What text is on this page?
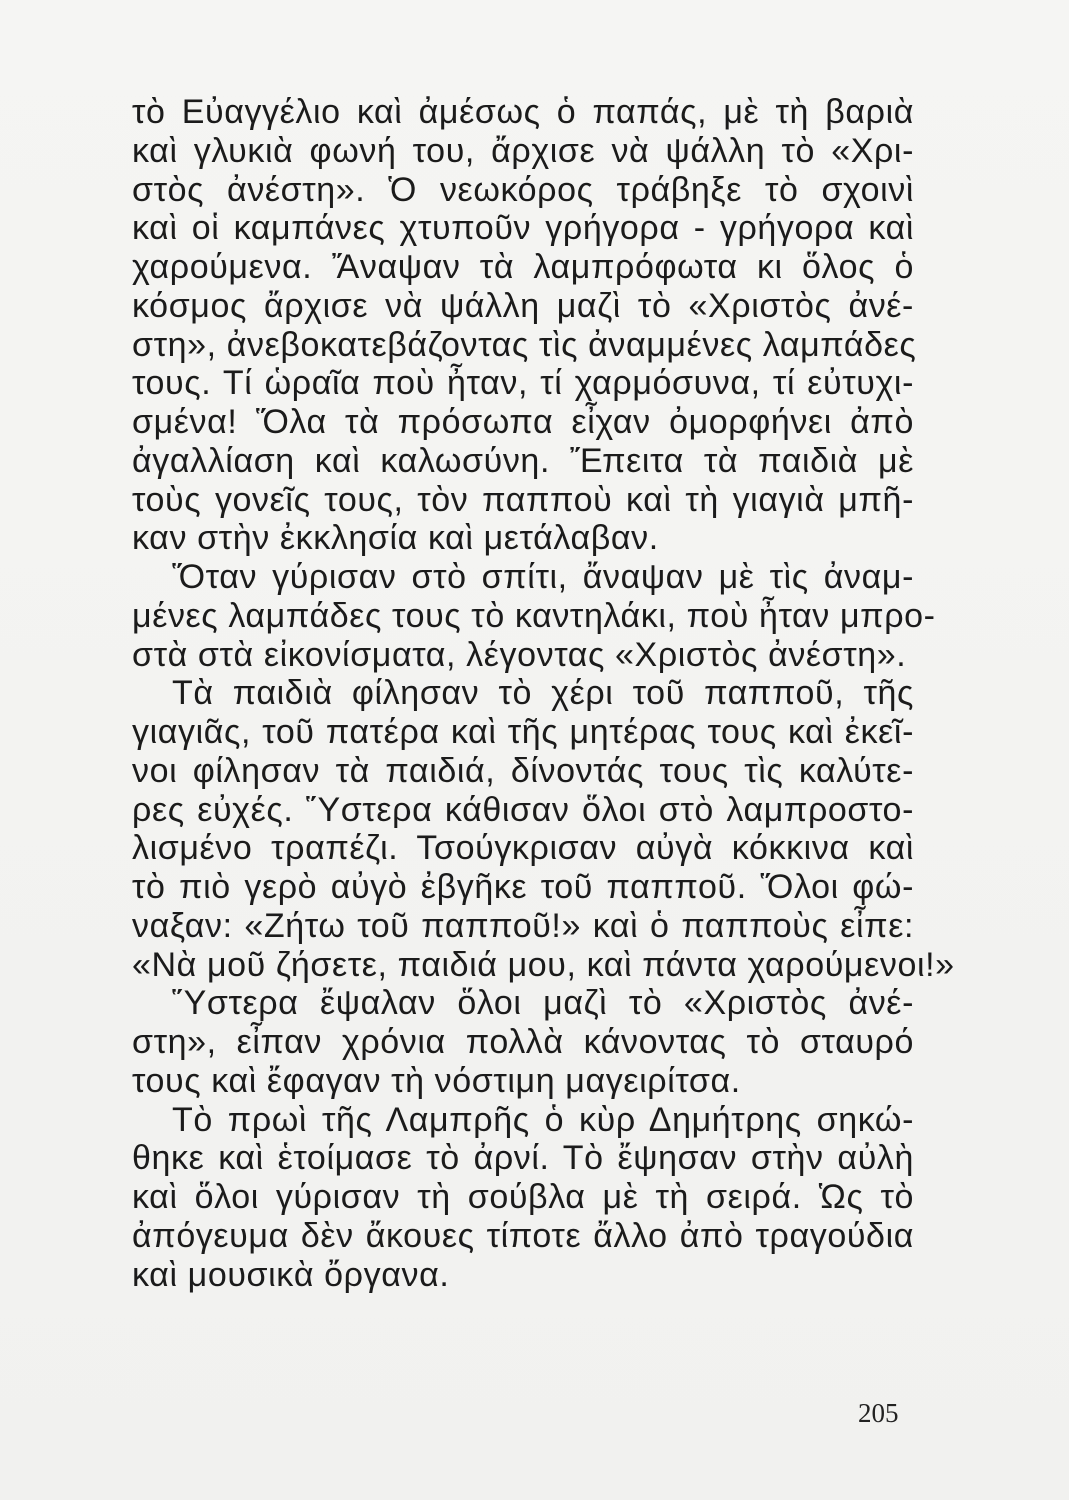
τὸ Εὐαγγέλιο καὶ ἀμέσως ὁ παπάς, μὲ τὴ βαριὰ
καὶ γλυκιὰ φωνή του, ἄρχισε νὰ ψάλλη τὸ «Χρι-
στὸς ἀνέστη». Ὁ νεωκόρος τράβηξε τὸ σχοινὶ
καὶ οἱ καμπάνες χτυποῦν γρήγορα - γρήγορα καὶ
χαρούμενα. Ἄναψαν τὰ λαμπρόφωτα κι ὅλος ὁ
κόσμος ἄρχισε νὰ ψάλλη μαζὶ τὸ «Χριστὸς ἀνέ-
στη», ἀνεβοκατεβάζοντας τὶς ἀναμμένες λαμπάδες
τους. Τί ὡραῖα ποὺ ἦταν, τί χαρμόσυνα, τί εὐτυχι-
σμένα! Ὅλα τὰ πρόσωπα εἶχαν ὀμορφήνει ἀπὸ
ἀγαλλίαση καὶ καλωσύνη. Ἔπειτα τὰ παιδιὰ μὲ
τοὺς γονεῖς τους, τὸν παπποὺ καὶ τὴ γιαγιὰ μπῆ-
καν στὴν ἐκκλησία καὶ μετάλαβαν.
Ὅταν γύρισαν στὸ σπίτι, ἄναψαν μὲ τὶς ἀναμ-
μένες λαμπάδες τους τὸ καντηλάκι, ποὺ ἦταν μπρο-
στὰ στὰ εἰκονίσματα, λέγοντας «Χριστὸς ἀνέστη».
Τὰ παιδιὰ φίλησαν τὸ χέρι τοῦ παπποῦ, τῆς
γιαγιᾶς, τοῦ πατέρα καὶ τῆς μητέρας τους καὶ ἐκεῖ-
νοι φίλησαν τὰ παιδιά, δίνοντάς τους τὶς καλύτε-
ρες εὐχές. Ὕστερα κάθισαν ὅλοι στὸ λαμπροστο-
λισμένο τραπέζι. Τσούγκρισαν αὐγὰ κόκκινα καὶ
τὸ πιὸ γερὸ αὐγὸ ἐβγῆκε τοῦ παπποῦ. Ὅλοι φώ-
ναξαν: «Ζήτω τοῦ παπποῦ!» καὶ ὁ παπποὺς εἶπε:
«Νὰ μοῦ ζήσετε, παιδιά μου, καὶ πάντα χαρούμενοι!»
Ὕστερα ἔψαλαν ὅλοι μαζὶ τὸ «Χριστὸς ἀνέ-
στη», εἶπαν χρόνια πολλὰ κάνοντας τὸ σταυρό
τους καὶ ἔφαγαν τὴ νόστιμη μαγειρίτσα.
Τὸ πρωὶ τῆς Λαμπρῆς ὁ κὺρ Δημήτρης σηκώ-
θηκε καὶ ἑτοίμασε τὸ ἀρνί. Τὸ ἔψησαν στὴν αὐλὴ
καὶ ὅλοι γύρισαν τὴ σούβλα μὲ τὴ σειρά. Ὡς τὸ
ἀπόγευμα δὲν ἄκουες τίποτε ἄλλο ἀπὸ τραγούδια
καὶ μουσικὰ ὄργανα.
205
